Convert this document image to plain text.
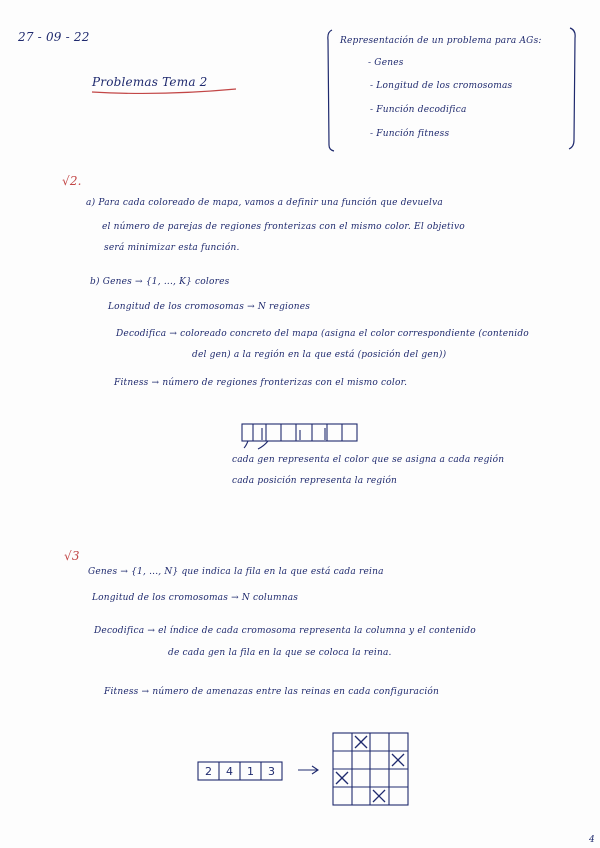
27 - 09 - 22
Problemas Tema 2
Representación de un problema para AGs:
- Genes
- Longitud de los cromosomas
- Función decodifica
- Función fitness
4
√2.
a) Para cada coloreado de mapa, vamos a definir una función que devuelva
el número de parejas de regiones fronterizas con el mismo color. El objetivo
será minimizar esta función.
b) Genes → {1, ..., K} colores
Longitud de los cromosomas → N regiones
Decodifica → coloreado concreto del mapa (asigna el color correspondiente (contenido
del gen) a la región en la que está (posición del gen))
Fitness → número de regiones fronterizas con el mismo color.
cada gen representa el color que se asigna a cada región
cada posición representa la región
√3
Genes → {1, ..., N} que indica la fila en la que está cada reina
Longitud de los cromosomas → N columnas
Decodifica → el índice de cada cromosoma representa la columna y el contenido
de cada gen la fila en la que se coloca la reina.
Fitness → número de amenazas entre las reinas en cada configuración
2 4 1 3
